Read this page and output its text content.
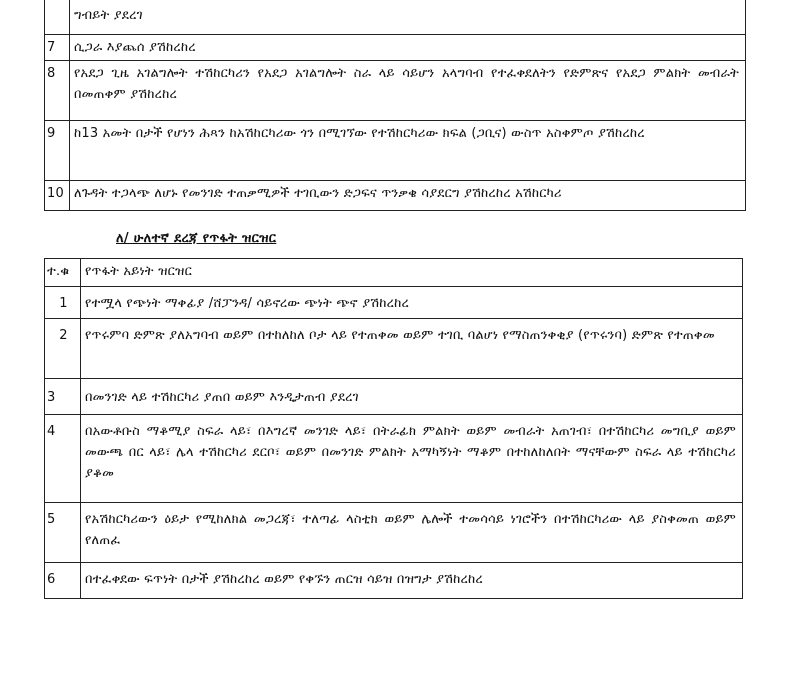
	ግብይት ያደረገ
7	ሲጋራ እያጨሰ ያሽከረከረ
8	የአደጋ ጊዜ አገልግሎት ተሽከርካሪን የአደጋ አገልግሎት ስራ ላይ ሳይሆን አላግባብ የተፈቀደለትን የድምጽና የአደጋ ምልክት መብራት በመጠቀም ያሽከረከረ
9	ከ13 አመት በታች የሆነን ሕጻን ከአሽከርካሪው ጎን በሚገኘው የተሽከርካሪው ክፍል (ጋቢና) ውስጥ አስቀምጦ ያሽከረከረ
10	ለጉዳት ተጋላጭ ለሆኑ የመንገድ ተጠቃሚዎች ተገቢውን ድጋፍና ጥንቃቄ ሳያደርግ ያሽከረከረ አሽከርካሪ
ለ/ ሁለተኛ ደረጃ የጥፋት ዝርዝር
ተ.ቁ	የጥፋት አይነት ዝርዝር
1	የተሟላ የጭነት ማቀፊያ /ሸፓንዳ/ ሳይኖረው ጭነት ጭኖ ያሽከረከረ
2	የጥሩምባ ድምጽ ያለአግባብ ወይም በተከለከለ ቦታ ላይ የተጠቀመ ወይም ተገቢ ባልሆነ የማስጠንቀቂያ (የጥሩንባ) ድምጽ የተጠቀመ
3	በመንገድ ላይ ተሽከርካሪ ያጠበ ወይም እንዲታጠብ ያደረገ
4	በአውቶቡስ ማቆሚያ ስፍራ ላይ፣ በእግረኛ መንገድ ላይ፣ በትራፊክ ምልክት ወይም መብራት አጠገብ፣ በተሽከርካሪ መግቢያ ወይም መውጫ በር ላይ፣ ሌላ ተሽከርካሪ ደርቦ፣ ወይም በመንገድ ምልክት አማካኝነት ማቆም በተከለከለበት ማናቸውም ስፍራ ላይ ተሽከርካሪ ያቆመ
5	የአሽከርካሪውን ዕይታ የሚከለክል መጋረጃ፣ ተለጣፊ ላስቲክ ወይም ሌሎች ተመሳሳይ ነገሮችን በተሽከርካሪው ላይ ያስቀመጠ ወይም የለጠፈ
6	በተፈቀደው ፍጥነት በታች ያሽከረከረ ወይም የቀኙን ጠርዝ ሳይዝ በዝግታ ያሽከረከረ
